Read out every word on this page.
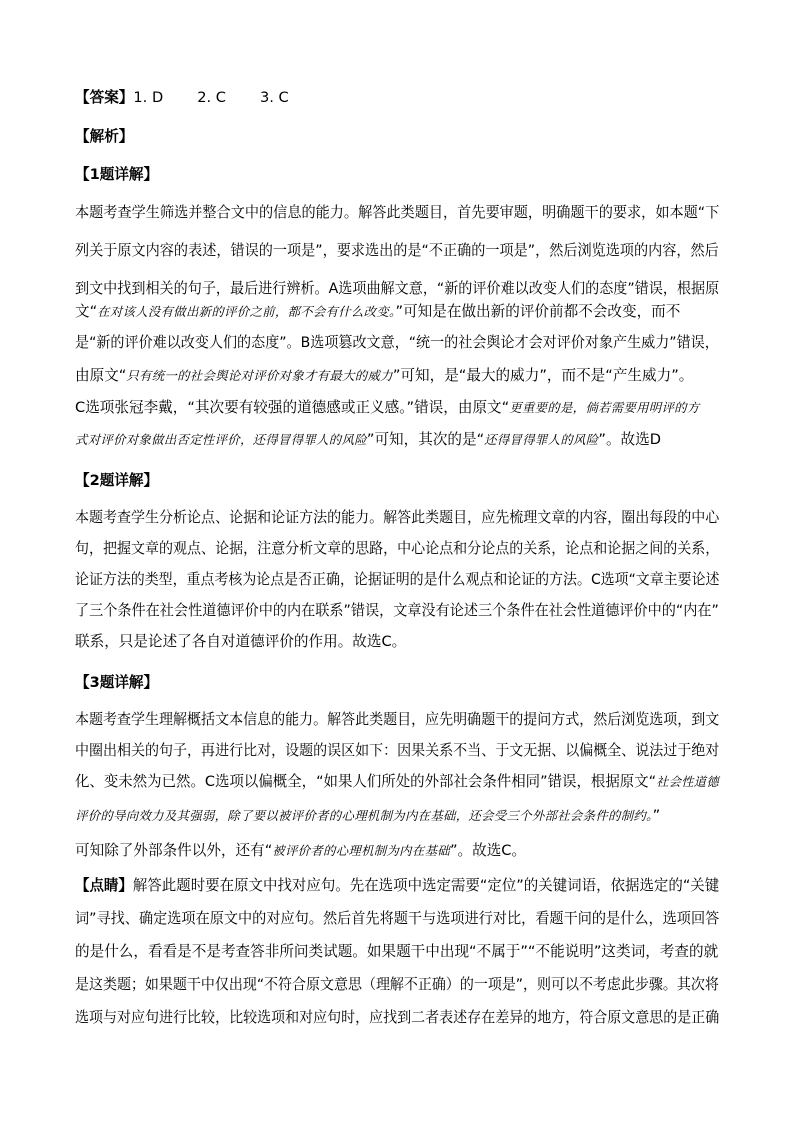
【答案】1. D 2. C 3. C
【解析】
【1题详解】
本题考查学生筛选并整合文中的信息的能力。解答此类题目，首先要审题，明确题干的要求，如本题“下
列关于原文内容的表述，错误的一项是”，要求选出的是“不正确的一项是”，然后浏览选项的内容，然后
到文中找到相关的句子，最后进行辨析。A选项曲解文意，“新的评价难以改变人们的态度”错误，根据原
文“在对该人没有做出新的评价之前，都不会有什么改变。”可知是在做出新的评价前都不会改变，而不
是“新的评价难以改变人们的态度”。B选项篡改文意，“统一的社会舆论才会对评价对象产生威力”错误，
由原文“只有统一的社会舆论对评价对象才有最大的威力”可知，是“最大的威力”，而不是“产生威力”。
C选项张冠李戴，“其次要有较强的道德感或正义感。”错误，由原文“更重要的是，倘若需要用明评的方
式对评价对象做出否定性评价，还得冒得罪人的风险”可知，其次的是“还得冒得罪人的风险”。故选D
【2题详解】
本题考查学生分析论点、论据和论证方法的能力。解答此类题目，应先梳理文章的内容，圈出每段的中心
句，把握文章的观点、论据，注意分析文章的思路，中心论点和分论点的关系，论点和论据之间的关系，
论证方法的类型，重点考核为论点是否正确，论据证明的是什么观点和论证的方法。C选项“文章主要论述
了三个条件在社会性道德评价中的内在联系”错误，文章没有论述三个条件在社会性道德评价中的“内在”
联系，只是论述了各自对道德评价的作用。故选C。
【3题详解】
本题考查学生理解概括文本信息的能力。解答此类题目，应先明确题干的提问方式，然后浏览选项，到文
中圈出相关的句子，再进行比对，设题的误区如下：因果关系不当、于文无据、以偏概全、说法过于绝对
化、变未然为已然。C选项以偏概全，“如果人们所处的外部社会条件相同”错误，根据原文“社会性道德
评价的导向效力及其强弱，除了要以被评价者的心理机制为内在基础，还会受三个外部社会条件的制约。”
可知除了外部条件以外，还有“被评价者的心理机制为内在基础”。故选C。
【点睛】解答此题时要在原文中找对应句。先在选项中选定需要“定位”的关键词语，依据选定的“关键
词”寻找、确定选项在原文中的对应句。然后首先将题干与选项进行对比，看题干问的是什么，选项回答
的是什么，看看是不是考查答非所问类试题。如果题干中出现“不属于”“不能说明”这类词，考查的就
是这类题；如果题干中仅出现“不符合原文意思（理解不正确）的一项是”，则可以不考虑此步骤。其次将
选项与对应句进行比较，比较选项和对应句时，应找到二者表述存在差异的地方，符合原文意思的是正确
